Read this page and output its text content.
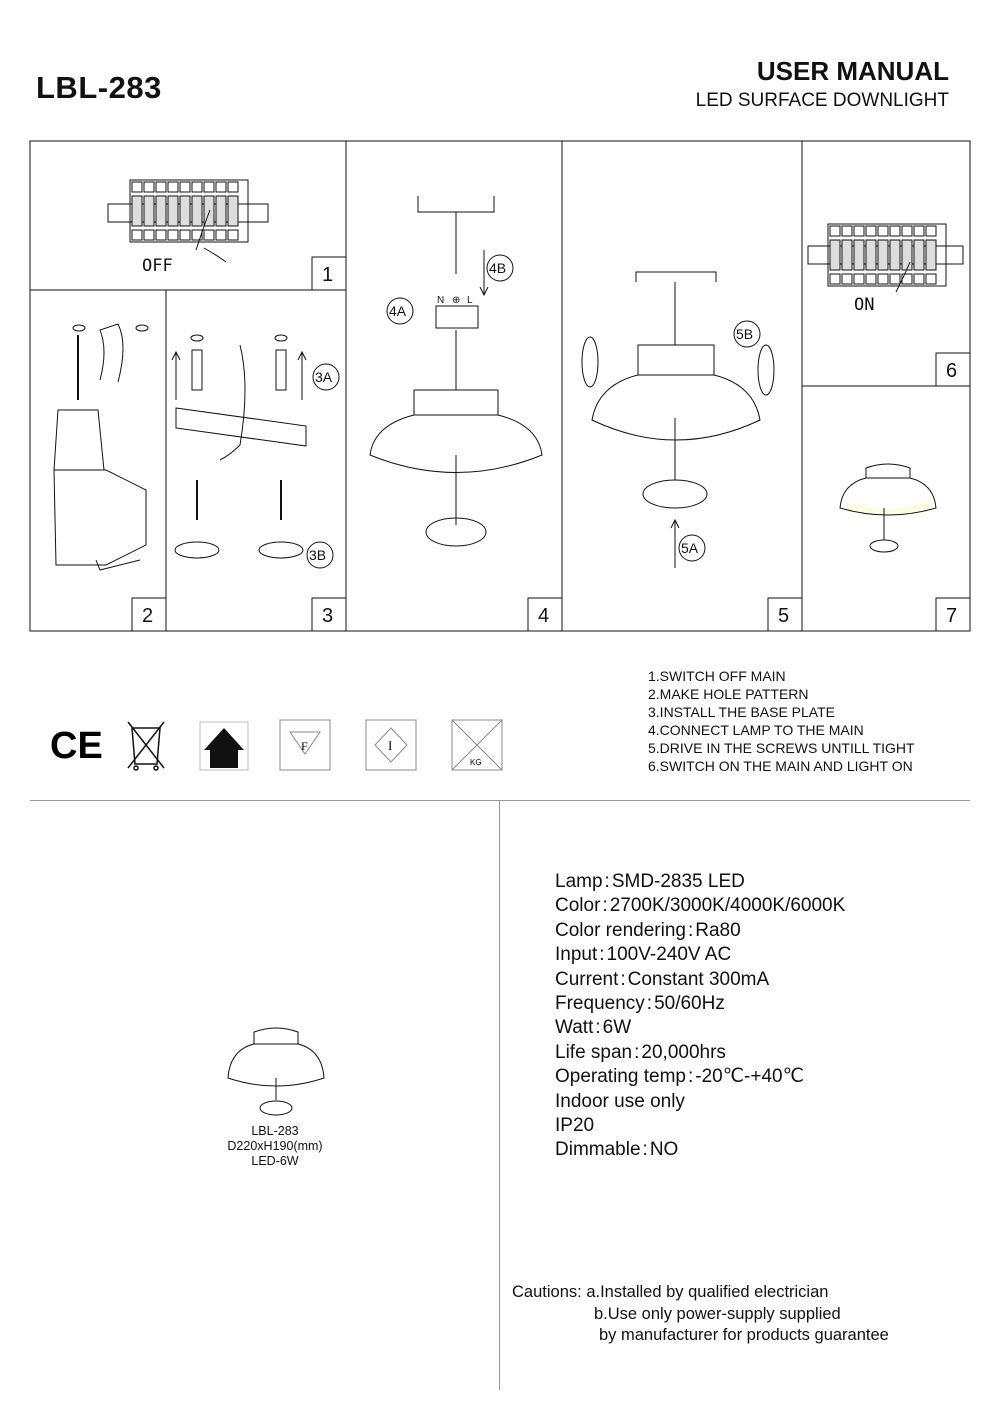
LBL-283	USER MANUAL
LED SURFACE DOWNLIGHT
1
2	3	4	5
6
7
OFF
3A
3B
N ⊕ L
4B
4A
5B
5A
ON
CE	F	I
KG
1.SWITCH OFF MAIN
2.MAKE HOLE PATTERN
3.INSTALL THE BASE PLATE
4.CONNECT LAMP TO THE MAIN
5.DRIVE IN THE SCREWS UNTILL TIGHT
6.SWITCH ON THE MAIN AND LIGHT ON
LBL-283
D220xH190(mm)
LED-6W
Lamp : SMD-2835 LED
Color : 2700K/3000K/4000K/6000K
Color rendering : Ra80
Input : 100V-240V AC
Current : Constant 300mA
Frequency : 50/60Hz
Watt : 6W
Life span : 20,000hrs
Operating temp : -20℃-+40℃
Indoor use only
IP20
Dimmable : NO
Cautions: a.Installed by qualified electrician
b.Use only power-supply supplied
by manufacturer for products guarantee
